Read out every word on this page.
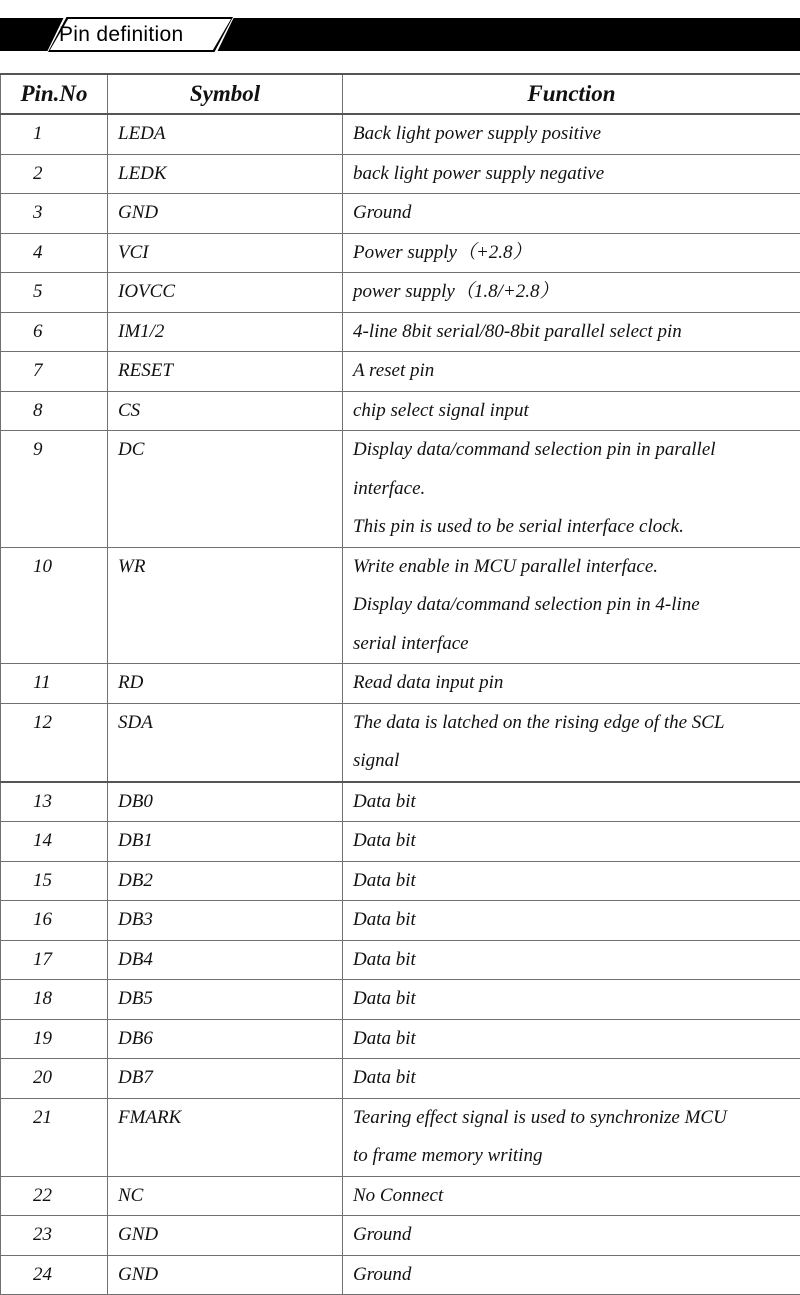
Pin definition
Pin.No	Symbol	Function
1	LEDA	Back light power supply positive
2	LEDK	back light power supply negative
3	GND	Ground
4	VCI	Power supply（+2.8）
5	IOVCC	power supply（1.8/+2.8）
6	IM1/2	4-line 8bit serial/80-8bit parallel select pin
7	RESET	A reset pin
8	CS	chip select signal input
9	DC	Display data/command selection pin in parallel
interface.
This pin is used to be serial interface clock.
10	WR	Write enable in MCU parallel interface.
Display data/command selection pin in 4-line
serial interface
11	RD	Read data input pin
12	SDA	The data is latched on the rising edge of the SCL
signal
13	DB0	Data bit
14	DB1	Data bit
15	DB2	Data bit
16	DB3	Data bit
17	DB4	Data bit
18	DB5	Data bit
19	DB6	Data bit
20	DB7	Data bit
21	FMARK	Tearing effect signal is used to synchronize MCU
to frame memory writing
22	NC	No Connect
23	GND	Ground
24	GND	Ground
